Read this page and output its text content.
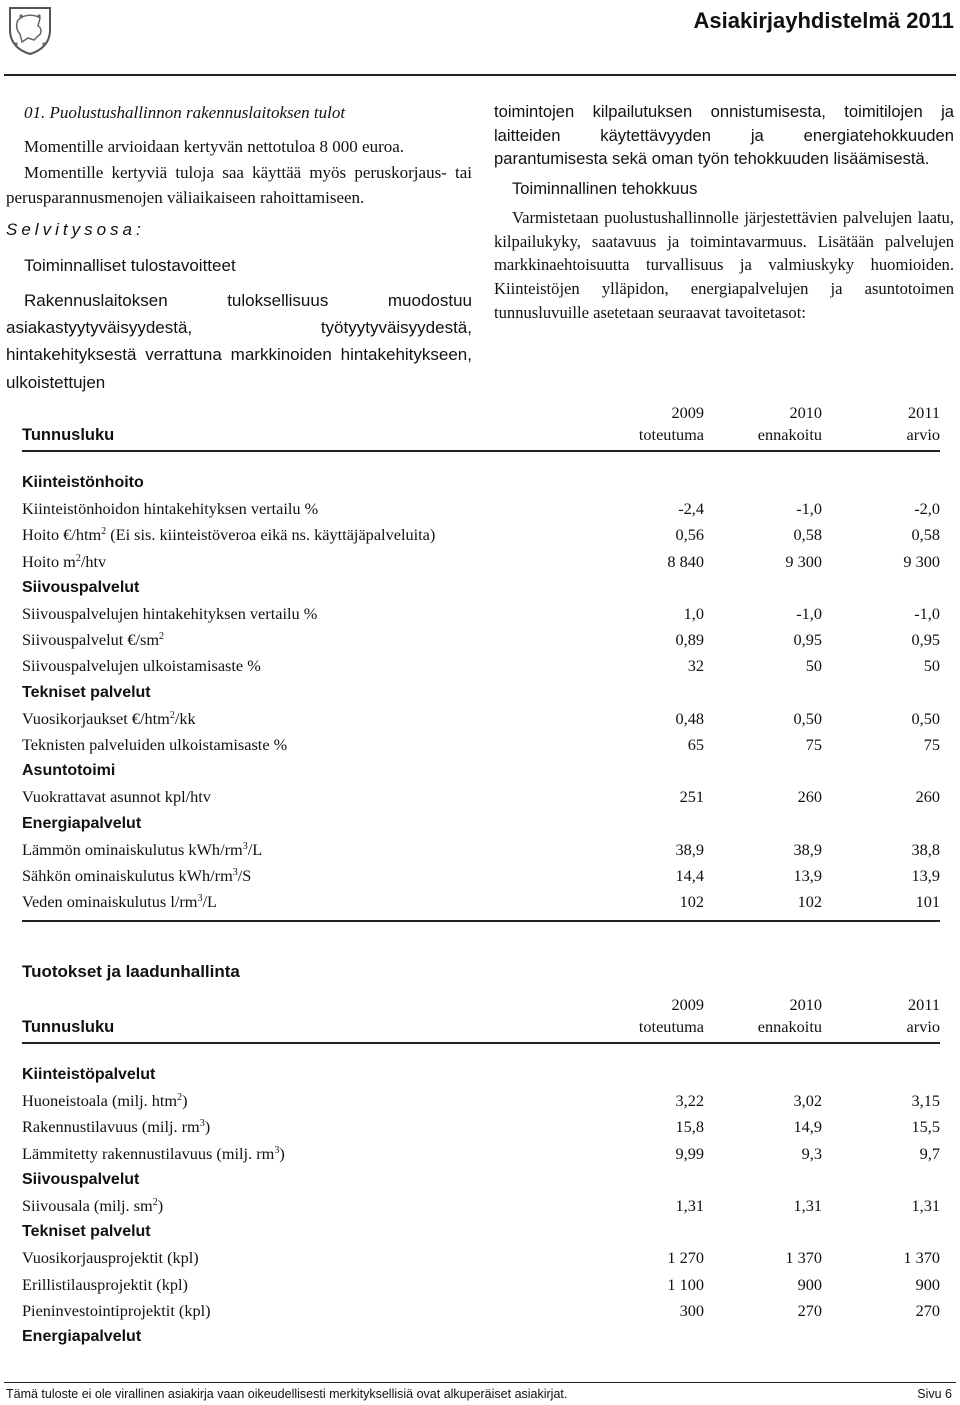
Asiakirjayhdistelmä 2011

01. Puolustushallinnon rakennuslaitoksen tulot

Momentille arvioidaan kertyvän nettotuloa 8 000 euroa.

Momentille kertyviä tuloja saa käyttää myös peruskorjaus- tai perusparannusmenojen väliaikaiseen rahoittamiseen.

Selvitysosa:

Toiminnalliset tulostavoitteet

Rakennuslaitoksen tuloksellisuus muodostuu asiakastyytyväisyydestä, työtyytyväisyydestä, hintakehityksestä verrattuna markkinoiden hintakehitykseen, ulkoistettujen

toimintojen kilpailutuksen onnistumisesta, toimitilojen ja laitteiden käytettävyyden ja energiatehokkuuden parantumisesta sekä oman työn tehokkuuden lisäämisestä.

Toiminnallinen tehokkuus

Varmistetaan puolustushallinnolle järjestettävien palvelujen laatu, kilpailukyky, saatavuus ja toimintavarmuus. Lisätään palvelujen markkinaehtoisuutta turvallisuus ja valmiuskyky huomioiden. Kiinteistöjen ylläpidon, energiapalvelujen ja asuntotoimen tunnusluvuille asetetaan seuraavat tavoitetasot:

	2009	2010	2011
Tunnusluku	toteutuma	ennakoitu	arvio

Kiinteistönhoito			
Kiinteistönhoidon hintakehityksen vertailu %	-2,4	-1,0	-2,0
Hoito €/htm$^2$ (Ei sis. kiinteistöveroa eikä ns. käyttäjäpalveluita)	0,56	0,58	0,58
Hoito $m^2$/htv	8 840	9 300	9 300
Siivouspalvelut			
Siivouspalvelujen hintakehityksen vertailu %	1,0	-1,0	-1,0
Siivouspalvelut $€/sm^2$	0,89	0,95	0,95
Siivouspalvelujen ulkoistamisaste %	32	50	50
Tekniset palvelut			
Vuosikorjaukset €/htm$^2$/kk	0,48	0,50	0,50
Teknisten palveluiden ulkoistamisaste %	65	75	75
Asuntotoimi			
Vuokrattavat asunnot kpl/htv	251	260	260
Energiapalvelut			
Lämmön ominaiskulutus kWh/$rm^3/L$	38,9	38,9	38,8
Sähkön ominaiskulutus kWh/$rm^3/S$	14,4	13,9	13,9
Veden ominaiskulutus $l/rm^3/L$	102	102	101

Tuotokset ja laadunhallinta
	2009	2010	2011
Tunnusluku	toteutuma	ennakoitu	arvio

Kiinteistöpalvelut			
Huoneistoala (milj. htm$^2$)	3,22	3,02	3,15
Rakennustilavuus (milj. $rm^3$)	15,8	14,9	15,5
Lämmitetty rakennustilavuus (milj. $rm^3$)	9,99	9,3	9,7
Siivouspalvelut			
Siivousala (milj. $sm^2$)	1,31	1,31	1,31
Tekniset palvelut			
Vuosikorjausprojektit (kpl)	1 270	1 370	1 370
Erillistilausprojektit (kpl)	1 100	900	900
Pieninvestointiprojektit (kpl)	300	270	270
Energiapalvelut			
Tämä tuloste ei ole virallinen asiakirja vaan oikeudellisesti merkityksellisiä ovat alkuperäiset asiakirjat.	Sivu 6
